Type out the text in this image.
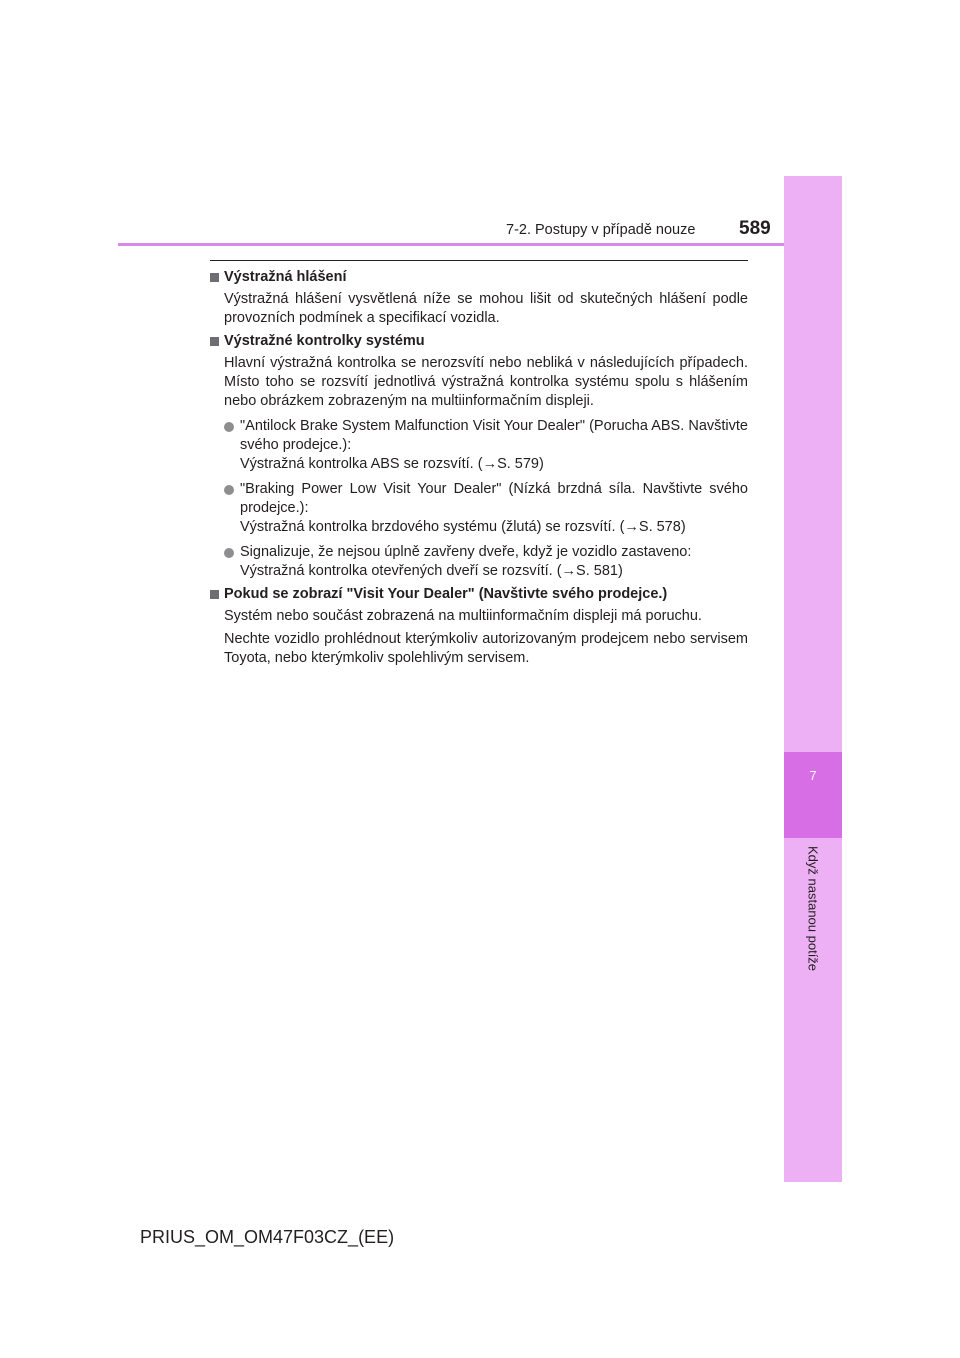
7-2. Postupy v případě nouze 589
7
Když nastanou potíže
Výstražná hlášení
Výstražná hlášení vysvětlená níže se mohou lišit od skutečných hlášení podle provozních podmínek a specifikací vozidla.
Výstražné kontrolky systému
Hlavní výstražná kontrolka se nerozsvítí nebo nebliká v následujících případech. Místo toho se rozsvítí jednotlivá výstražná kontrolka systému spolu s hlášením nebo obrázkem zobrazeným na multiinformačním displeji.
"Antilock Brake System Malfunction Visit Your Dealer" (Porucha ABS. Navštivte svého prodejce.):
Výstražná kontrolka ABS se rozsvítí. (→S. 579)
"Braking Power Low Visit Your Dealer" (Nízká brzdná síla. Navštivte svého prodejce.):
Výstražná kontrolka brzdového systému (žlutá) se rozsvítí. (→S. 578)
Signalizuje, že nejsou úplně zavřeny dveře, když je vozidlo zastaveno:
Výstražná kontrolka otevřených dveří se rozsvítí. (→S. 581)
Pokud se zobrazí "Visit Your Dealer" (Navštivte svého prodejce.)
Systém nebo součást zobrazená na multiinformačním displeji má poruchu.
Nechte vozidlo prohlédnout kterýmkoliv autorizovaným prodejcem nebo servisem Toyota, nebo kterýmkoliv spolehlivým servisem.
PRIUS_OM_OM47F03CZ_(EE)
